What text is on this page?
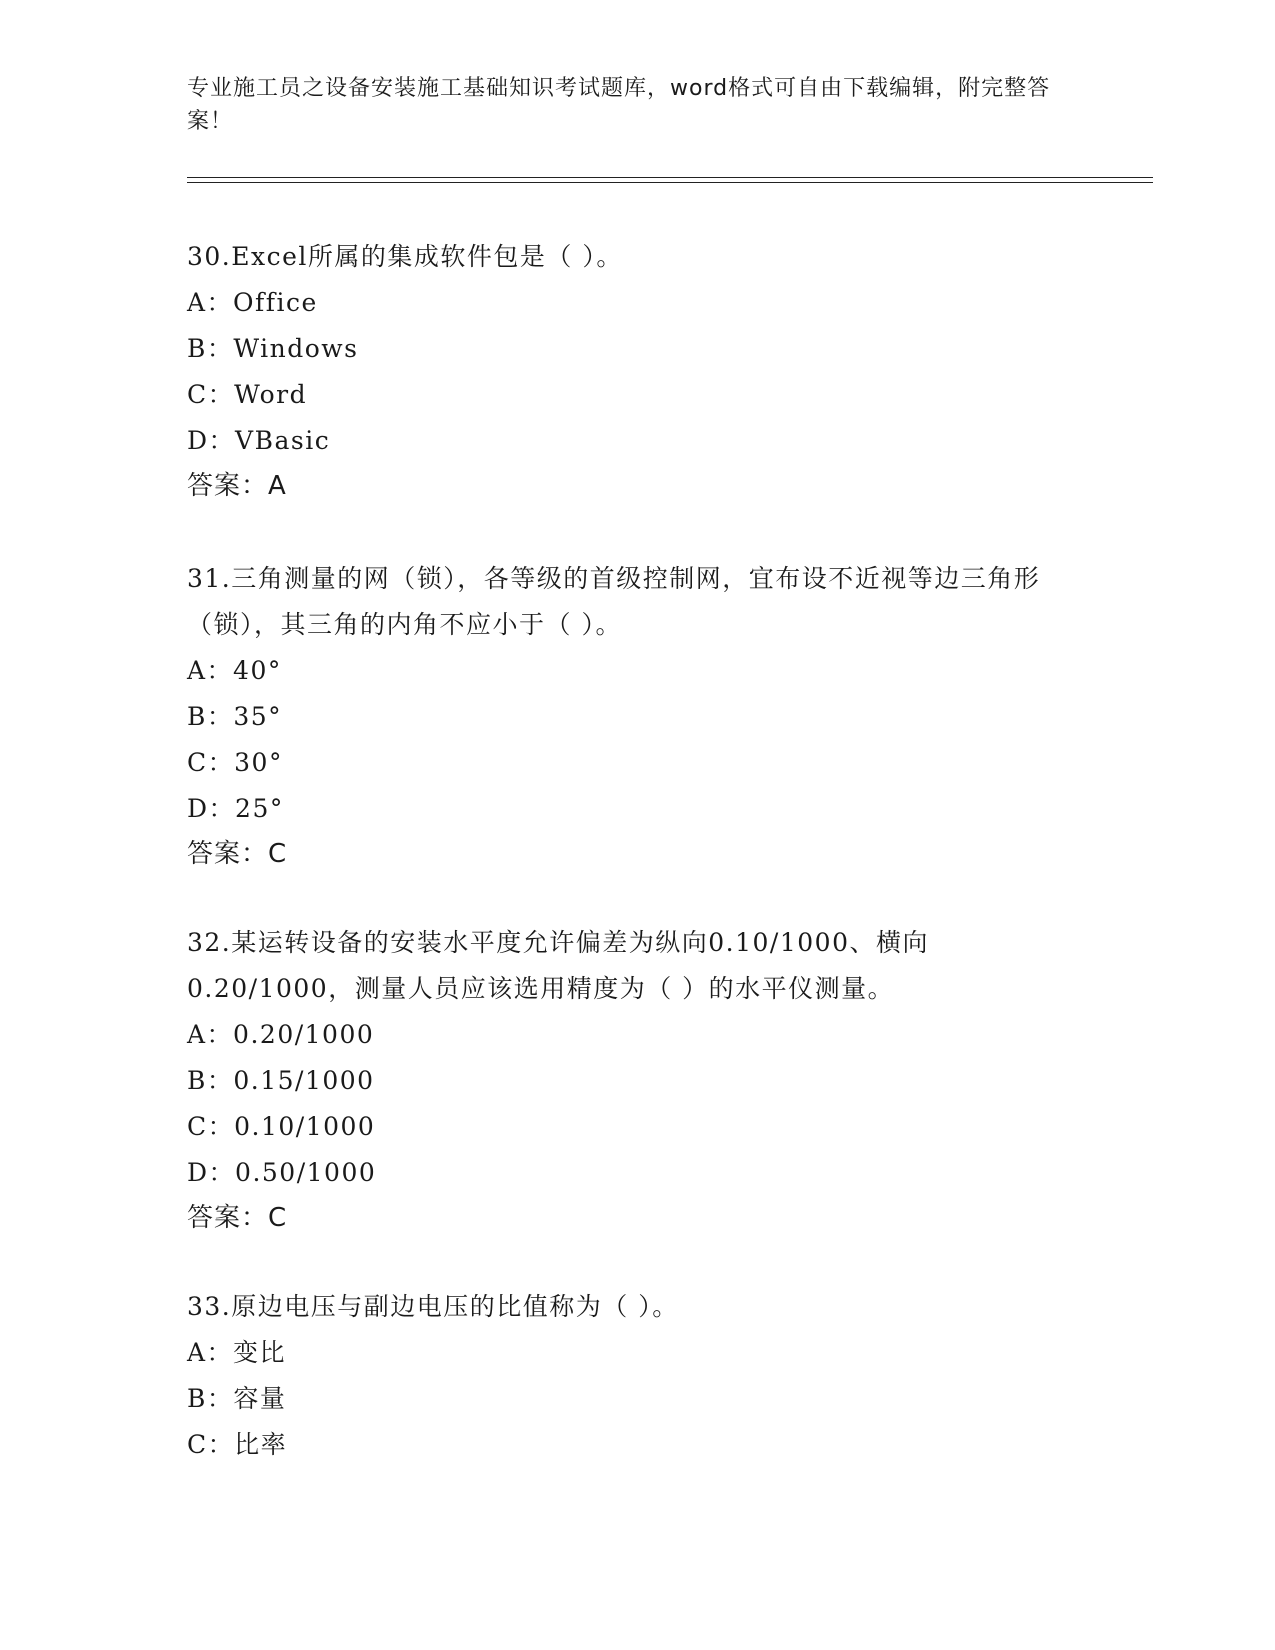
专业施工员之设备安装施工基础知识考试题库，word格式可自由下载编辑，附完整答案！
30.Excel所属的集成软件包是（ ）。
A：Office
B：Windows
C：Word
D：VBasic
答案：A
31.三角测量的网（锁），各等级的首级控制网，宜布设不近视等边三角形（锁），其三角的内角不应小于（ ）。
A：40°
B：35°
C：30°
D：25°
答案：C
32.某运转设备的安装水平度允许偏差为纵向0.10/1000、横向0.20/1000，测量人员应该选用精度为（ ）的水平仪测量。
A：0.20/1000
B：0.15/1000
C：0.10/1000
D：0.50/1000
答案：C
33.原边电压与副边电压的比值称为（ ）。
A：变比
B：容量
C：比率
